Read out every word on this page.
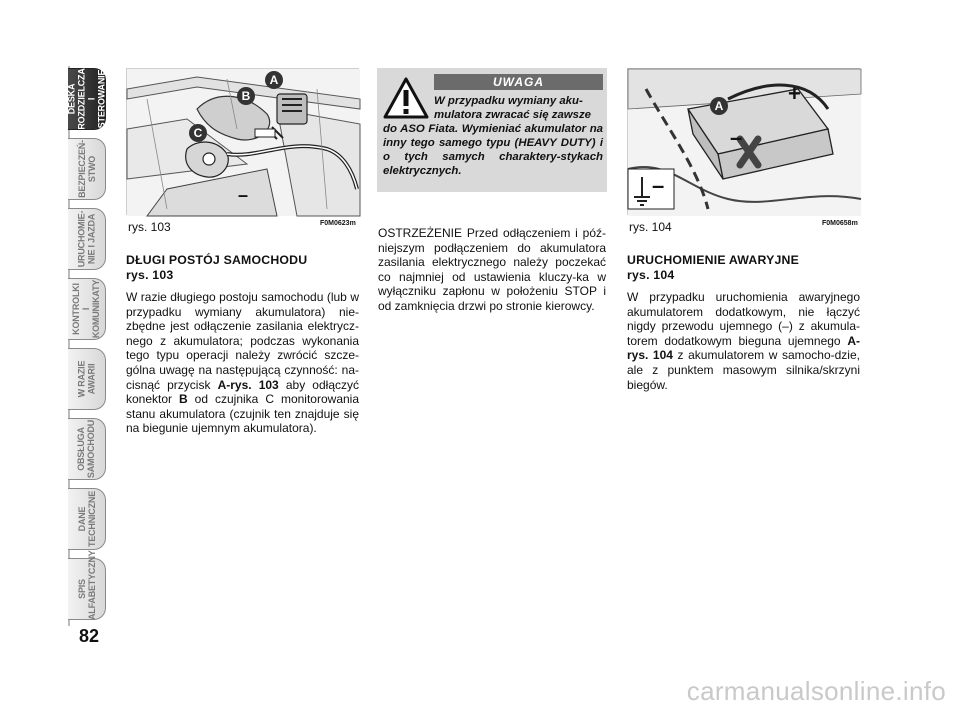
DESKA
ROZDZIELCZA
I STEROWANIE
BEZPIECZEŃ-
STWO
URUCHOMIE-
NIE I JAZDA
KONTROLKI
I KOMUNIKATY
W RAZIE
AWARII
OBSŁUGA
SAMOCHODU
DANE
TECHNICZNE
SPIS
ALFABETYCZNY
82
–
A
B
C
rys. 103	F0M0623m
UWAGA
W przypadku wymiany aku-
mulatora zwracać się zawsze
do ASO Fiata. Wymieniać akumulator na inny tego samego typu (HEAVY DUTY) i o tych samych charaktery-stykach elektrycznych.
–
–
+
A
rys. 104	F0M0658m
DŁUGI POSTÓJ SAMOCHODU
rys. 103
W razie długiego postoju samochodu (lub w przypadku wymiany akumulatora) nie-zbędne jest odłączenie zasilania elektrycz-nego z akumulatora; podczas wykonania tego typu operacji należy zwrócić szcze-gólna uwagę na następującą czynność: na-cisnąć przycisk A-rys. 103 aby odłączyć konektor B od czujnika C monitorowania stanu akumulatora (czujnik ten znajduje się na biegunie ujemnym akumulatora).
OSTRZEŻENIE Przed odłączeniem i póź-niejszym podłączeniem do akumulatora zasilania elektrycznego należy poczekać co najmniej od ustawienia kluczy-ka w wyłączniku zapłonu w położeniu STOP i od zamknięcia drzwi po stronie kierowcy.
URUCHOMIENIE AWARYJNE
rys. 104
W przypadku uruchomienia awaryjnego akumulatorem dodatkowym, nie łączyć nigdy przewodu ujemnego (–) z akumula-torem dodatkowym bieguna ujemnego A-rys. 104 z akumulatorem w samocho-dzie, ale z punktem masowym silnika/skrzyni biegów.
carmanualsonline.info
